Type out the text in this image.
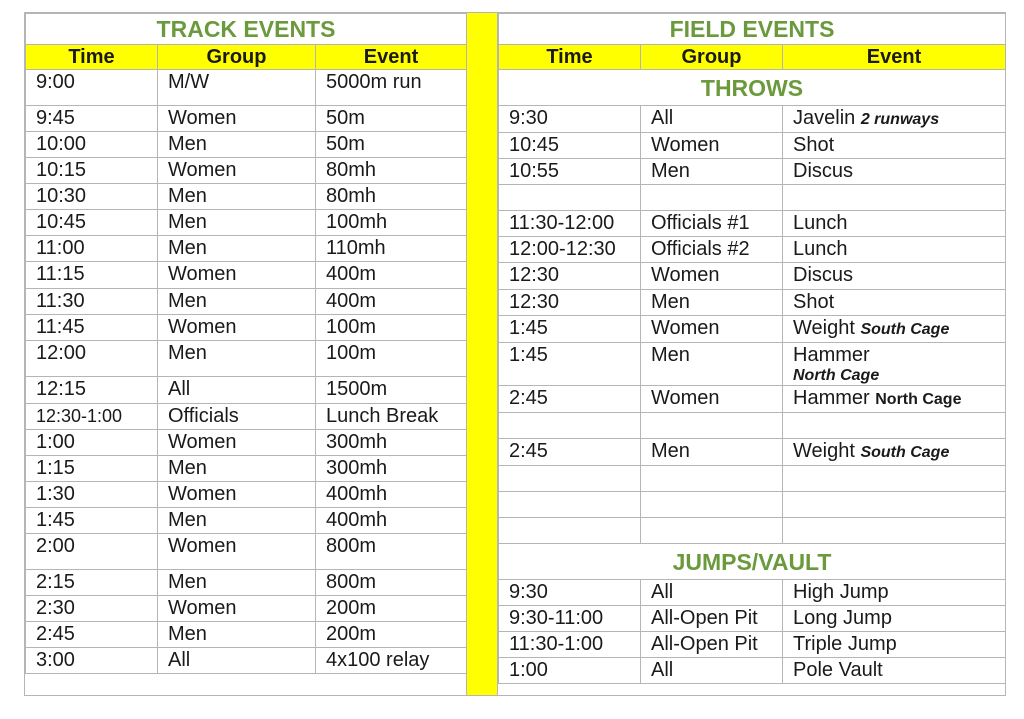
TRACK EVENTS		
Time	Group	Event
9:00	M/W	5000m run
9:45	Women	50m
10:00	Men	50m
10:15	Women	80mh
10:30	Men	80mh
10:45	Men	100mh
11:00	Men	110mh
11:15	Women	400m
11:30	Men	400m
11:45	Women	100m
12:00	Men	100m
12:15	All	1500m
12:30-1:00	Officials	Lunch Break
1:00	Women	300mh
1:15	Men	300mh
1:30	Women	400mh
1:45	Men	400mh
2:00	Women	800m
2:15	Men	800m
2:30	Women	200m
2:45	Men	200m
3:00	All	4x100 relay
FIELD EVENTS		
Time	Group	Event
THROWS		
9:30	All	Javelin 2 runways
10:45	Women	Shot
10:55	Men	Discus

11:30-12:00	Officials #1	Lunch
12:00-12:30	Officials #2	Lunch
12:30	Women	Discus
12:30	Men	Shot
1:45	Women	Weight South Cage
1:45	Men	Hammer
North Cage

2:45	Women	Hammer North Cage

2:45	Men	Weight South Cage

JUMPS/VAULT		
9:30	All	High Jump
9:30-11:00	All-Open Pit	Long Jump
11:30-1:00	All-Open Pit	Triple Jump
1:00	All	Pole Vault
